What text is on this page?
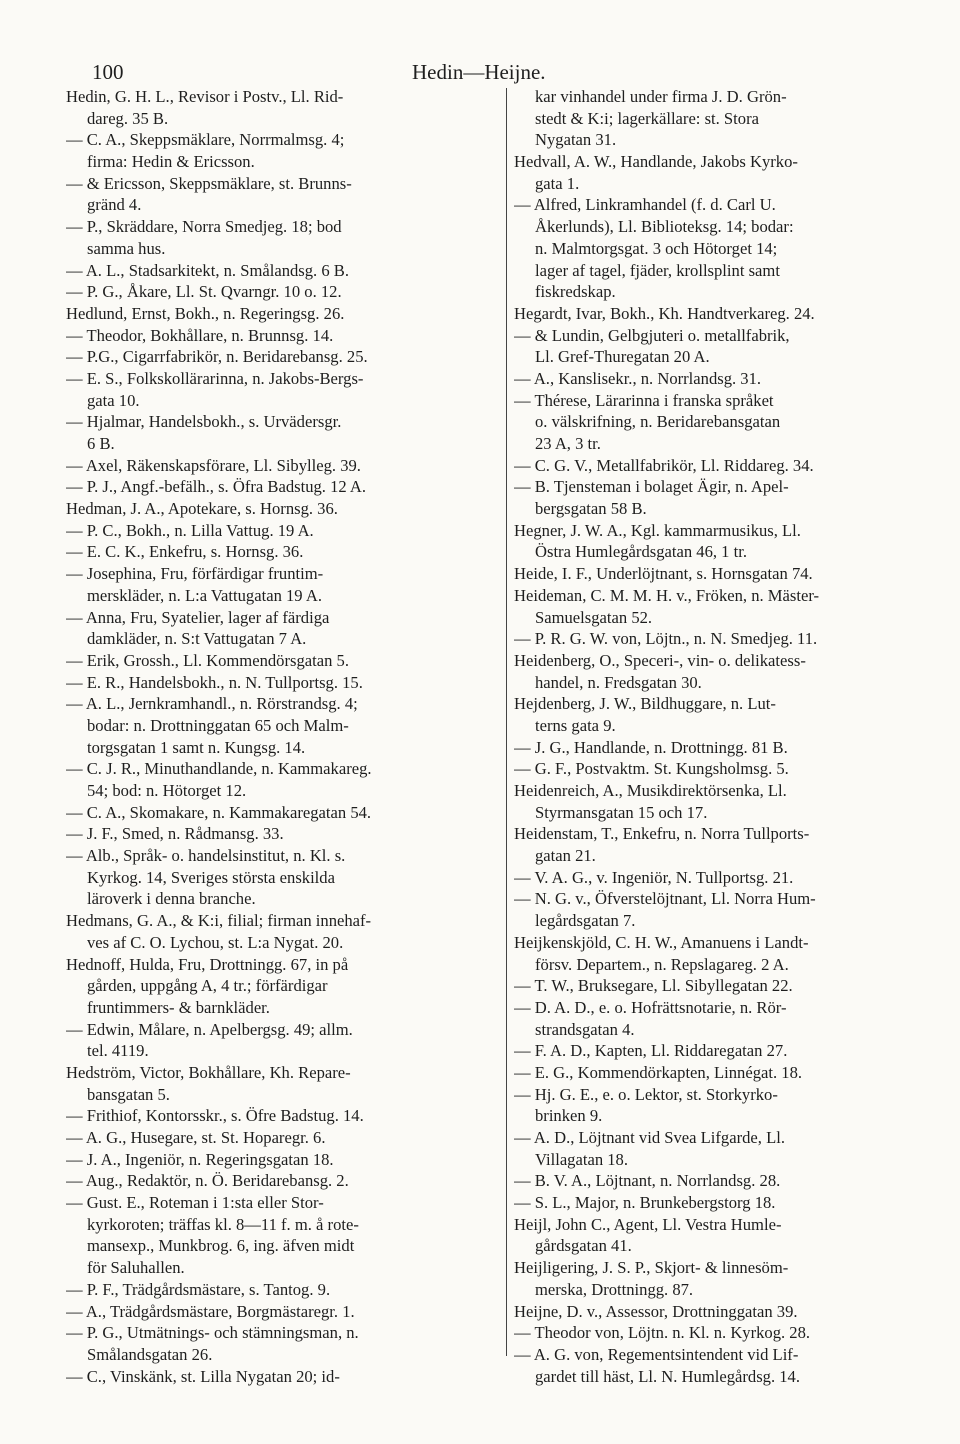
100	Hedin—Heijne.
Hedin, G. H. L., Revisor i Postv., Ll. Rid-
dareg. 35 B.
— C. A., Skeppsmäklare, Norrmalmsg. 4;
firma: Hedin & Ericsson.
— & Ericsson, Skeppsmäklare, st. Brunns-
gränd 4.
— P., Skräddare, Norra Smedjeg. 18; bod
samma hus.
— A. L., Stadsarkitekt, n. Smålandsg. 6 B.
— P. G., Åkare, Ll. St. Qvarngr. 10 o. 12.
Hedlund, Ernst, Bokh., n. Regeringsg. 26.
— Theodor, Bokhållare, n. Brunnsg. 14.
— P.G., Cigarrfabrikör, n. Beridarebansg. 25.
— E. S., Folkskollärarinna, n. Jakobs-Bergs-
gata 10.
— Hjalmar, Handelsbokh., s. Urvädersgr.
6 B.
— Axel, Räkenskapsförare, Ll. Sibylleg. 39.
— P. J., Angf.-befälh., s. Öfra Badstug. 12 A.
Hedman, J. A., Apotekare, s. Hornsg. 36.
— P. C., Bokh., n. Lilla Vattug. 19 A.
— E. C. K., Enkefru, s. Hornsg. 36.
— Josephina, Fru, förfärdigar fruntim-
merskläder, n. L:a Vattugatan 19 A.
— Anna, Fru, Syatelier, lager af färdiga
damkläder, n. S:t Vattugatan 7 A.
— Erik, Grossh., Ll. Kommendörsgatan 5.
— E. R., Handelsbokh., n. N. Tullportsg. 15.
— A. L., Jernkramhandl., n. Rörstrandsg. 4;
bodar: n. Drottninggatan 65 och Malm-
torgsgatan 1 samt n. Kungsg. 14.
— C. J. R., Minuthandlande, n. Kammakareg.
54; bod: n. Hötorget 12.
— C. A., Skomakare, n. Kammakaregatan 54.
— J. F., Smed, n. Rådmansg. 33.
— Alb., Språk- o. handelsinstitut, n. Kl. s.
Kyrkog. 14, Sveriges största enskilda
läroverk i denna branche.
Hedmans, G. A., & K:i, filial; firman innehaf-
ves af C. O. Lychou, st. L:a Nygat. 20.
Hednoff, Hulda, Fru, Drottningg. 67, in på
gården, uppgång A, 4 tr.; förfärdigar
fruntimmers- & barnkläder.
— Edwin, Målare, n. Apelbergsg. 49; allm.
tel. 4119.
Hedström, Victor, Bokhållare, Kh. Repare-
bansgatan 5.
— Frithiof, Kontorsskr., s. Öfre Badstug. 14.
— A. G., Husegare, st. St. Hoparegr. 6.
— J. A., Ingeniör, n. Regeringsgatan 18.
— Aug., Redaktör, n. Ö. Beridarebansg. 2.
— Gust. E., Roteman i 1:sta eller Stor-
kyrkoroten; träffas kl. 8—11 f. m. å rote-
mansexp., Munkbrog. 6, ing. äfven midt
för Saluhallen.
— P. F., Trädgårdsmästare, s. Tantog. 9.
— A., Trädgårdsmästare, Borgmästaregr. 1.
— P. G., Utmätnings- och stämningsman, n.
Smålandsgatan 26.
— C., Vinskänk, st. Lilla Nygatan 20; id-
kar vinhandel under firma J. D. Grön-
stedt & K:i; lagerkällare: st. Stora
Nygatan 31.
Hedvall, A. W., Handlande, Jakobs Kyrko-
gata 1.
— Alfred, Linkramhandel (f. d. Carl U.
Åkerlunds), Ll. Biblioteksg. 14; bodar:
n. Malmtorgsgat. 3 och Hötorget 14;
lager af tagel, fjäder, krollsplint samt
fiskredskap.
Hegardt, Ivar, Bokh., Kh. Handtverkareg. 24.
— & Lundin, Gelbgjuteri o. metallfabrik,
Ll. Gref-Thuregatan 20 A.
— A., Kanslisekr., n. Norrlandsg. 31.
— Thérese, Lärarinna i franska språket
o. välskrifning, n. Beridarebansgatan
23 A, 3 tr.
— C. G. V., Metallfabrikör, Ll. Riddareg. 34.
— B. Tjensteman i bolaget Ägir, n. Apel-
bergsgatan 58 B.
Hegner, J. W. A., Kgl. kammarmusikus, Ll.
Östra Humlegårdsgatan 46, 1 tr.
Heide, I. F., Underlöjtnant, s. Hornsgatan 74.
Heideman, C. M. M. H. v., Fröken, n. Mäster-
Samuelsgatan 52.
— P. R. G. W. von, Löjtn., n. N. Smedjeg. 11.
Heidenberg, O., Speceri-, vin- o. delikatess-
handel, n. Fredsgatan 30.
Hejdenberg, J. W., Bildhuggare, n. Lut-
terns gata 9.
— J. G., Handlande, n. Drottningg. 81 B.
— G. F., Postvaktm. St. Kungsholmsg. 5.
Heidenreich, A., Musikdirektörsenka, Ll.
Styrmansgatan 15 och 17.
Heidenstam, T., Enkefru, n. Norra Tullports-
gatan 21.
— V. A. G., v. Ingeniör, N. Tullportsg. 21.
— N. G. v., Öfverstelöjtnant, Ll. Norra Hum-
legårdsgatan 7.
Heijkenskjöld, C. H. W., Amanuens i Landt-
försv. Departem., n. Repslagareg. 2 A.
— T. W., Bruksegare, Ll. Sibyllegatan 22.
— D. A. D., e. o. Hofrättsnotarie, n. Rör-
strandsgatan 4.
— F. A. D., Kapten, Ll. Riddaregatan 27.
— E. G., Kommendörkapten, Linnégat. 18.
— Hj. G. E., e. o. Lektor, st. Storkyrko-
brinken 9.
— A. D., Löjtnant vid Svea Lifgarde, Ll.
Villagatan 18.
— B. V. A., Löjtnant, n. Norrlandsg. 28.
— S. L., Major, n. Brunkebergstorg 18.
Heijl, John C., Agent, Ll. Vestra Humle-
gårdsgatan 41.
Heijligering, J. S. P., Skjort- & linnesöm-
merska, Drottningg. 87.
Heijne, D. v., Assessor, Drottninggatan 39.
— Theodor von, Löjtn. n. Kl. n. Kyrkog. 28.
— A. G. von, Regementsintendent vid Lif-
gardet till häst, Ll. N. Humlegårdsg. 14.
